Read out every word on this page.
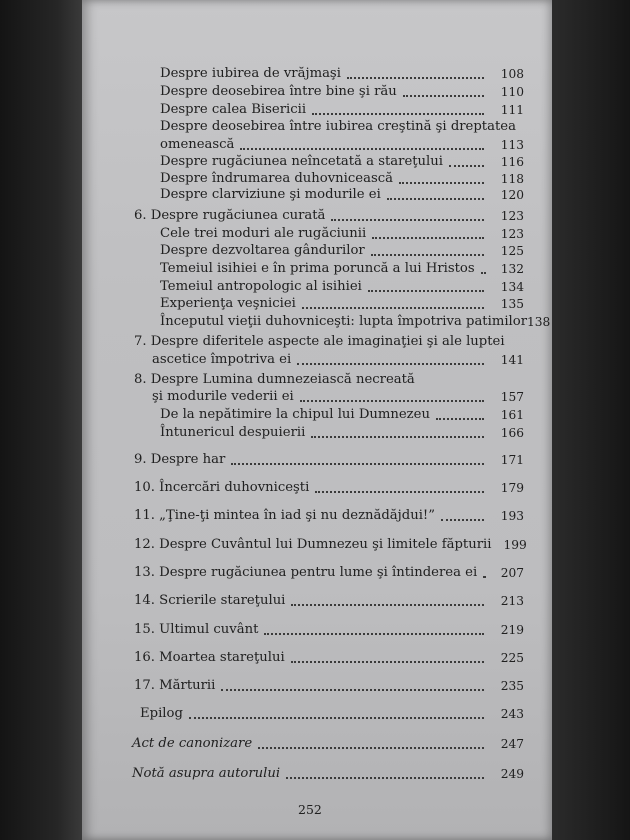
Despre iubirea de vrăjmaşi	108
Despre deosebirea între bine şi rău	110
Despre calea Bisericii	111
Despre deosebirea între iubirea creştină şi dreptatea
omenească	113
Despre rugăciunea neîncetată a stareţului	116
Despre îndrumarea duhovnicească	118
Despre clarviziune şi modurile ei	120
6. Despre rugăciunea curată	123
Cele trei moduri ale rugăciunii	123
Despre dezvoltarea gândurilor	125
Temeiul isihiei e în prima poruncă a lui Hristos	132
Temeiul antropologic al isihiei	134
Experienţa veşniciei	135
Începutul vieţii duhovniceşti: lupta împotriva patimilor 138
7. Despre diferitele aspecte ale imaginaţiei şi ale luptei
ascetice împotriva ei	141
8. Despre Lumina dumnezeiască necreată
şi modurile vederii ei	157
De la nepătimire la chipul lui Dumnezeu	161
Întunericul despuierii	166
9. Despre har	171
10. Încercări duhovniceşti	179
11. „Ţine-ţi mintea în iad şi nu deznădăjdui!”	193
12. Despre Cuvântul lui Dumnezeu şi limitele făpturii 199
13. Despre rugăciunea pentru lume şi întinderea ei	207
14. Scrierile stareţului	213
15. Ultimul cuvânt	219
16. Moartea stareţului	225
17. Mărturii	235
Epilog	243
Act de canonizare	247
Notă asupra autorului	249
252
